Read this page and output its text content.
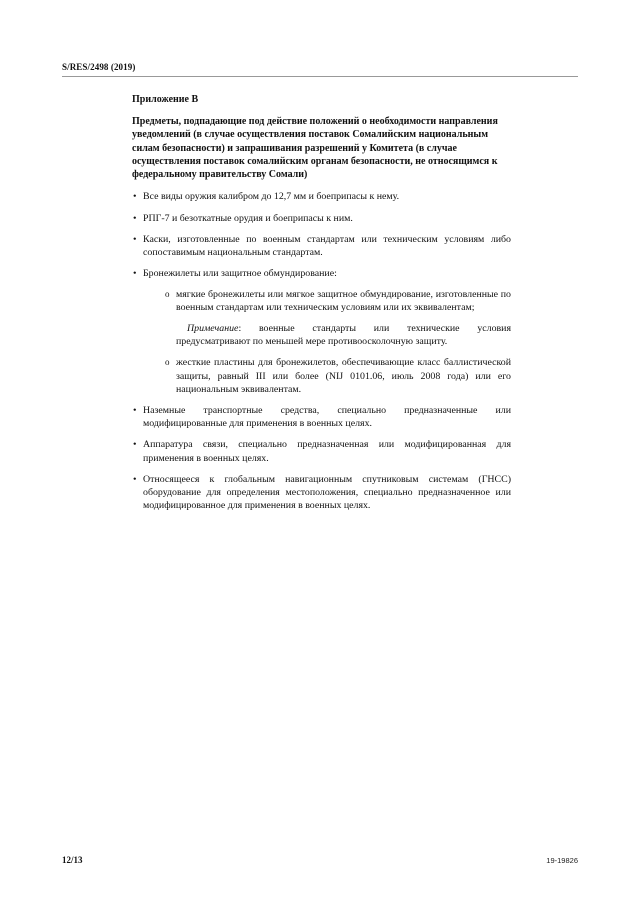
S/RES/2498 (2019)
Приложение B
Предметы, подпадающие под действие положений о необходимости направления уведомлений (в случае осуществления поставок Сомалийским национальным силам безопасности) и запрашивания разрешений у Комитета (в случае осуществления поставок сомалийским органам безопасности, не относящимся к федеральному правительству Сомали)
• Все виды оружия калибром до 12,7 мм и боеприпасы к нему.
• РПГ-7 и безоткатные орудия и боеприпасы к ним.
• Каски, изготовленные по военным стандартам или техническим условиям либо сопоставимым национальным стандартам.
• Бронежилеты или защитное обмундирование:
o мягкие бронежилеты или мягкое защитное обмундирование, изготовленные по военным стандартам или техническим условиям или их эквивалентам;
Примечание: военные стандарты или технические условия предусматривают по меньшей мере противоосколочную защиту.
o жесткие пластины для бронежилетов, обеспечивающие класс баллистической защиты, равный III или более (NIJ 0101.06, июль 2008 года) или его национальным эквивалентам.
• Наземные транспортные средства, специально предназначенные или модифицированные для применения в военных целях.
• Аппаратура связи, специально предназначенная или модифицированная для применения в военных целях.
• Относящееся к глобальным навигационным спутниковым системам (ГНСС) оборудование для определения местоположения, специально предназначенное или модифицированное для применения в военных целях.
12/13	19-19826
